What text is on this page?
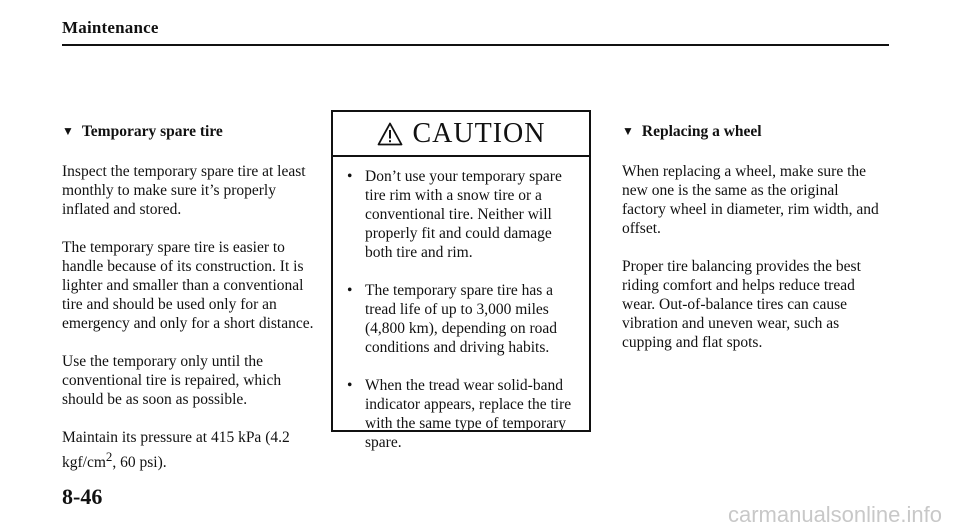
Maintenance
▼ Temporary spare tire

Inspect the temporary spare tire at least monthly to make sure it’s properly inflated and stored.

The temporary spare tire is easier to handle because of its construction. It is lighter and smaller than a conventional tire and should be used only for an emergency and only for a short distance.

Use the temporary only until the conventional tire is repaired, which should be as soon as possible.

Maintain its pressure at 415 kPa (4.2 kgf/$cm^2$, 60 psi).

CAUTION
•
Don’t use your temporary spare tire rim with a snow tire or a conventional tire. Neither will properly fit and could damage both tire and rim.
•
The temporary spare tire has a tread life of up to 3,000 miles (4,800 km), depending on road conditions and driving habits.
•
When the tread wear solid-band indicator appears, replace the tire with the same type of temporary spare.
▼ Replacing a wheel

When replacing a wheel, make sure the new one is the same as the original factory wheel in diameter, rim width, and offset.

Proper tire balancing provides the best riding comfort and helps reduce tread wear. Out-of-balance tires can cause vibration and uneven wear, such as cupping and flat spots.

8-46
carmanualsonline.info
